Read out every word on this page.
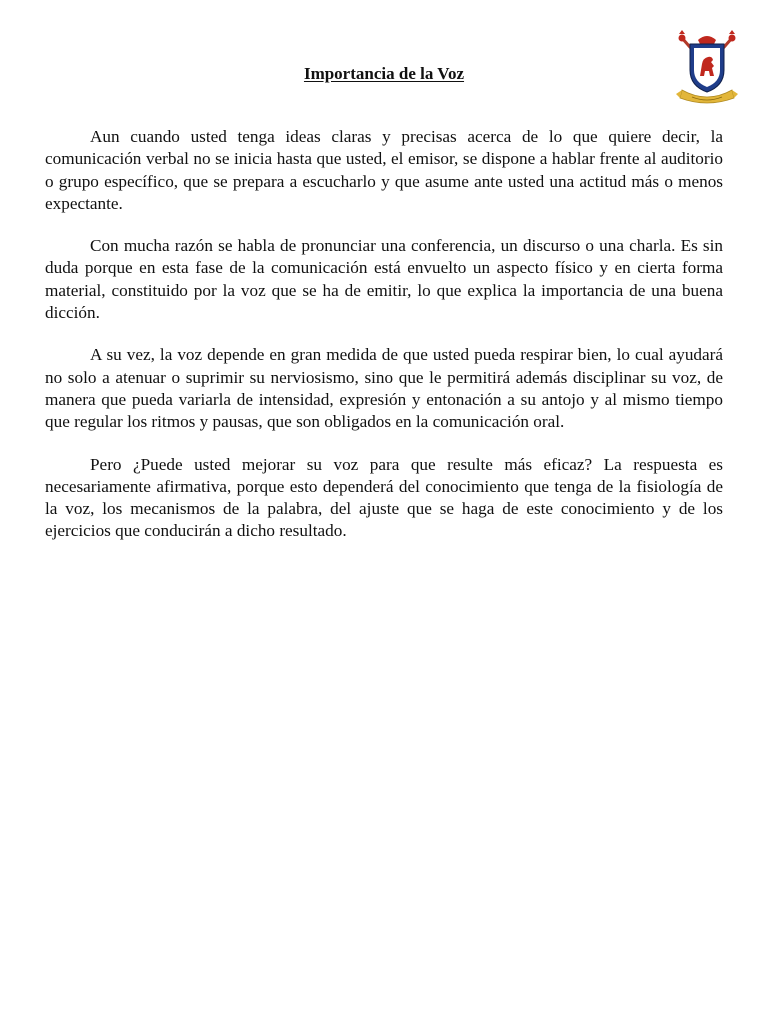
Importancia de la Voz

Aun cuando usted tenga ideas claras y precisas acerca de lo que quiere decir, la comunicación verbal no se inicia hasta que usted, el emisor, se dispone a hablar frente al auditorio o grupo específico, que se prepara a escucharlo y que asume ante usted una actitud más o menos expectante.

Con mucha razón se habla de pronunciar una conferencia, un discurso o una charla. Es sin duda porque en esta fase de la comunicación está envuelto un aspecto físico y en cierta forma material, constituido por la voz que se ha de emitir, lo que explica la importancia de una buena dicción.

A su vez, la voz depende en gran medida de que usted pueda respirar bien, lo cual ayudará no solo a atenuar o suprimir su nerviosismo, sino que le permitirá además disciplinar su voz, de manera que pueda variarla de intensidad, expresión y entonación a su antojo y al mismo tiempo que regular los ritmos y pausas, que son obligados en la comunicación oral.

Pero ¿Puede usted mejorar su voz para que resulte más eficaz? La respuesta es necesariamente afirmativa, porque esto dependerá del conocimiento que tenga de la fisiología de la voz, los mecanismos de la palabra, del ajuste que se haga de este conocimiento y de los ejercicios que conducirán a dicho resultado.
